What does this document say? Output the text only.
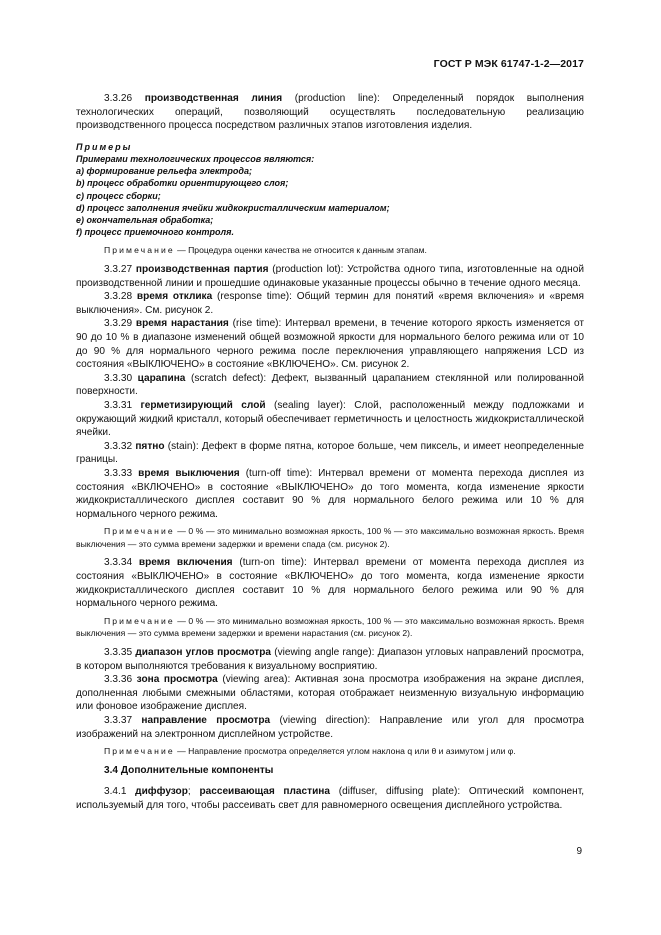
ГОСТ Р МЭК 61747-1-2—2017

3.3.26 производственная линия (production line): Определенный порядок выполнения технологических операций, позволяющий осуществлять последовательную реализацию производственного процесса посредством различных этапов изготовления изделия.

Примеры
Примерами технологических процессов являются:
a) формирование рельефа электрода;
b) процесс обработки ориентирующего слоя;
c) процесс сборки;
d) процесс заполнения ячейки жидкокристаллическим материалом;
e) окончательная обработка;
f) процесс приемочного контроля.

Примечание — Процедура оценки качества не относится к данным этапам.

3.3.27 производственная партия (production lot): Устройства одного типа, изготовленные на одной производственной линии и прошедшие одинаковые указанные процессы обычно в течение одного месяца.

3.3.28 время отклика (response time): Общий термин для понятий «время включения» и «время выключения». См. рисунок 2.

3.3.29 время нарастания (rise time): Интервал времени, в течение которого яркость изменяется от 90 до 10 % в диапазоне изменений общей возможной яркости для нормального белого режима или от 10 до 90 % для нормального черного режима после переключения управляющего напряжения LCD из состояния «ВЫКЛЮЧЕНО» в состояние «ВКЛЮЧЕНО». См. рисунок 2.

3.3.30 царапина (scratch defect): Дефект, вызванный царапанием стеклянной или полированной поверхности.

3.3.31 герметизирующий слой (sealing layer): Слой, расположенный между подложками и окружающий жидкий кристалл, который обеспечивает герметичность и целостность жидкокристаллической ячейки.

3.3.32 пятно (stain): Дефект в форме пятна, которое больше, чем пиксель, и имеет неопределенные границы.

3.3.33 время выключения (turn-off time): Интервал времени от момента перехода дисплея из состояния «ВКЛЮЧЕНО» в состояние «ВЫКЛЮЧЕНО» до того момента, когда изменение яркости жидкокристаллического дисплея составит 90 % для нормального белого режима или 10 % для нормального черного режима.

Примечание — 0 % — это минимально возможная яркость, 100 % — это максимально возможная яркость. Время выключения — это сумма времени задержки и времени спада (см. рисунок 2).

3.3.34 время включения (turn-on time): Интервал времени от момента перехода дисплея из состояния «ВЫКЛЮЧЕНО» в состояние «ВКЛЮЧЕНО» до того момента, когда изменение яркости жидкокристаллического дисплея составит 10 % для нормального белого режима или 90 % для нормального черного режима.

Примечание — 0 % — это минимально возможная яркость, 100 % — это максимально возможная яркость. Время выключения — это сумма времени задержки и времени нарастания (см. рисунок 2).

3.3.35 диапазон углов просмотра (viewing angle range): Диапазон угловых направлений просмотра, в котором выполняются требования к визуальному восприятию.

3.3.36 зона просмотра (viewing area): Активная зона просмотра изображения на экране дисплея, дополненная любыми смежными областями, которая отображает неизменную визуальную информацию или фоновое изображение дисплея.

3.3.37 направление просмотра (viewing direction): Направление или угол для просмотра изображений на электронном дисплейном устройстве.

Примечание — Направление просмотра определяется углом наклона q или θ и азимутом j или φ.

3.4 Дополнительные компоненты

3.4.1 диффузор; рассеивающая пластина (diffuser, diffusing plate): Оптический компонент, используемый для того, чтобы рассеивать свет для равномерного освещения дисплейного устройства.

9
